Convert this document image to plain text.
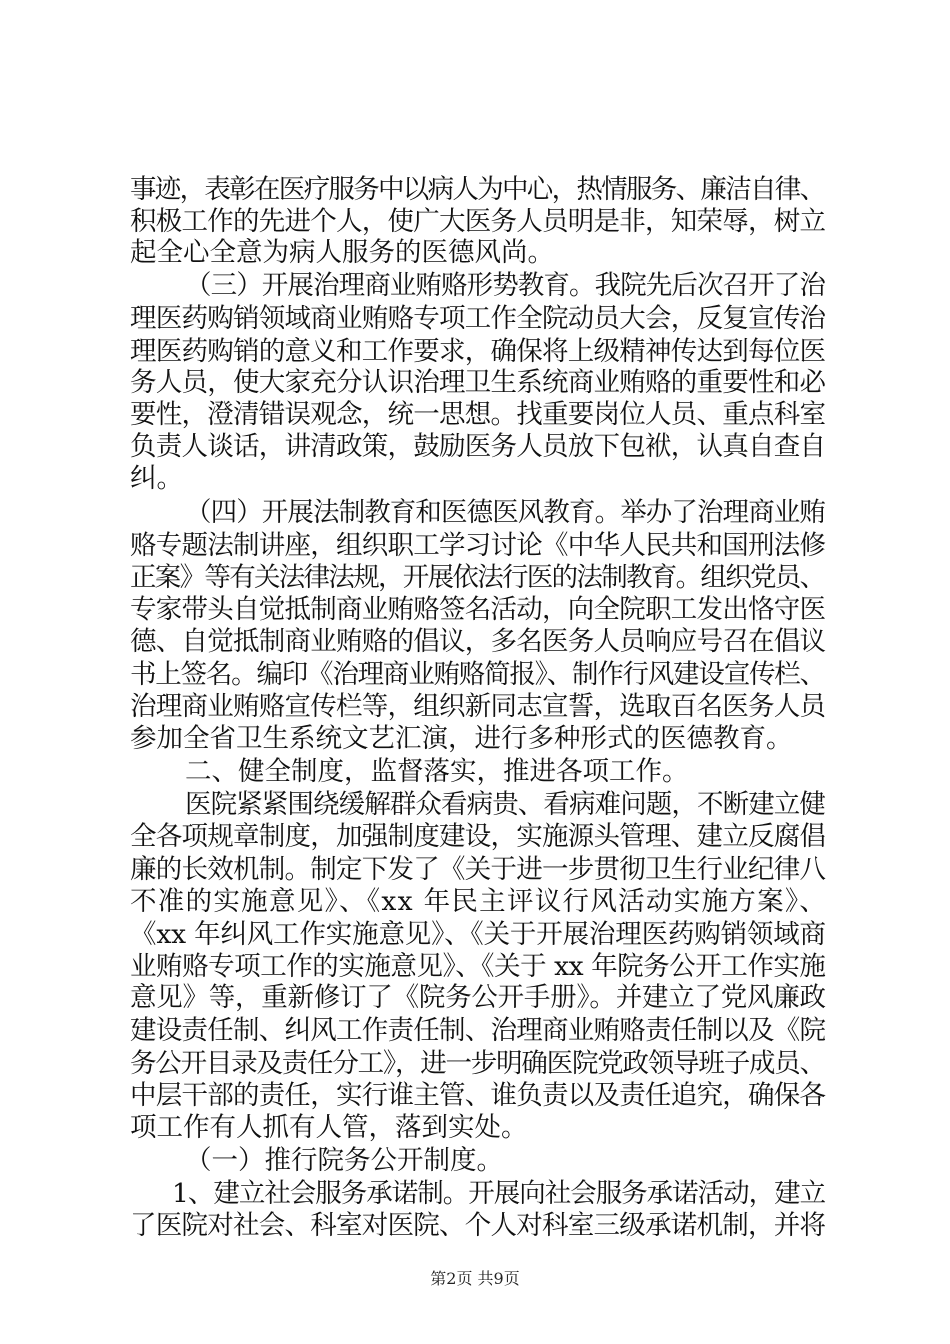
事迹，表彰在医疗服务中以病人为中心，热情服务、廉洁自律、
积极工作的先进个人，使广大医务人员明是非，知荣辱，树立
起全心全意为病人服务的医德风尚。
（三）开展治理商业贿赂形势教育。我院先后次召开了治
理医药购销领域商业贿赂专项工作全院动员大会，反复宣传治
理医药购销的意义和工作要求，确保将上级精神传达到每位医
务人员，使大家充分认识治理卫生系统商业贿赂的重要性和必
要性，澄清错误观念，统一思想。找重要岗位人员、重点科室
负责人谈话，讲清政策，鼓励医务人员放下包袱，认真自查自
纠。
（四）开展法制教育和医德医风教育。举办了治理商业贿
赂专题法制讲座，组织职工学习讨论《中华人民共和国刑法修
正案》等有关法律法规，开展依法行医的法制教育。组织党员、
专家带头自觉抵制商业贿赂签名活动，向全院职工发出恪守医
德、自觉抵制商业贿赂的倡议，多名医务人员响应号召在倡议
书上签名。编印《治理商业贿赂简报》、制作行风建设宣传栏、
治理商业贿赂宣传栏等，组织新同志宣誓，选取百名医务人员
参加全省卫生系统文艺汇演，进行多种形式的医德教育。
二、健全制度，监督落实，推进各项工作。
医院紧紧围绕缓解群众看病贵、看病难问题，不断建立健
全各项规章制度，加强制度建设，实施源头管理、建立反腐倡
廉的长效机制。制定下发了《关于进一步贯彻卫生行业纪律八
不准的实施意见》、《xx 年民主评议行风活动实施方案》、
《xx 年纠风工作实施意见》、《关于开展治理医药购销领域商
业贿赂专项工作的实施意见》、《关于 xx 年院务公开工作实施
意见》等，重新修订了《院务公开手册》。并建立了党风廉政
建设责任制、纠风工作责任制、治理商业贿赂责任制以及《院
务公开目录及责任分工》，进一步明确医院党政领导班子成员、
中层干部的责任，实行谁主管、谁负责以及责任追究，确保各
项工作有人抓有人管，落到实处。
（一）推行院务公开制度。
1、建立社会服务承诺制。开展向社会服务承诺活动，建立
了医院对社会、科室对医院、个人对科室三级承诺机制，并将
第2页 共9页
